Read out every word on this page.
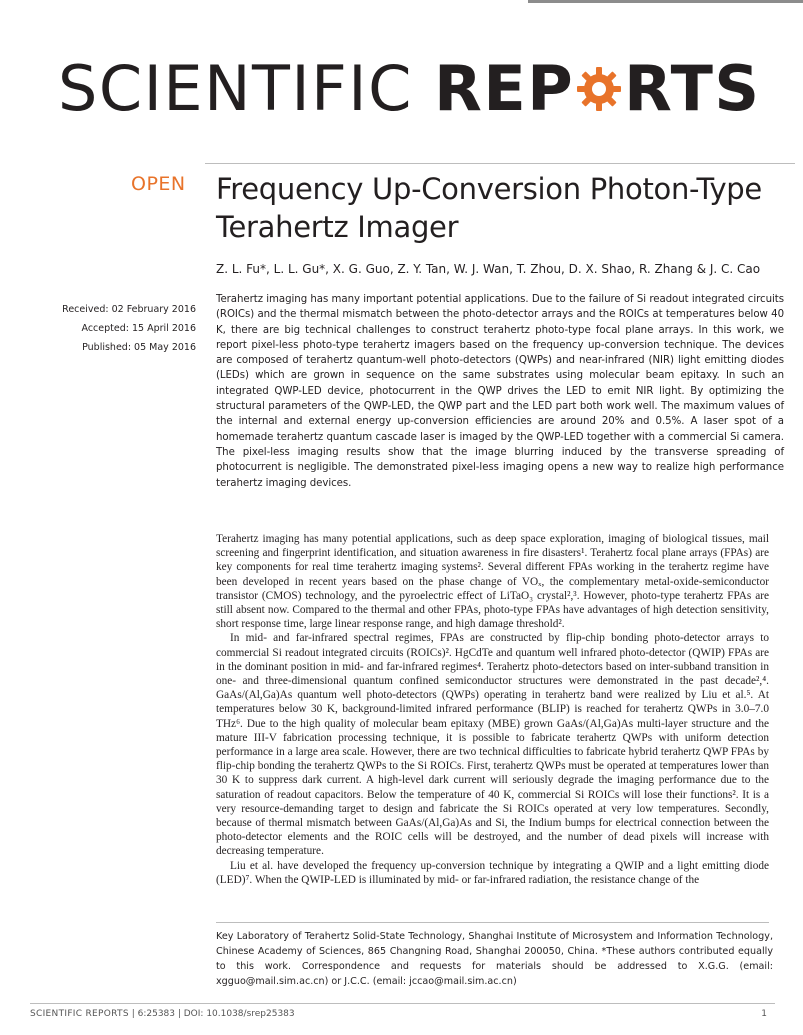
SCIENTIFIC REP RTS
OPEN Frequency Up-Conversion Photon-Type Terahertz Imager
Z. L. Fu*, L. L. Gu*, X. G. Guo, Z. Y. Tan, W. J. Wan, T. Zhou, D. X. Shao, R. Zhang & J. C. Cao
Received: 02 February 2016
Accepted: 15 April 2016
Published: 05 May 2016
Terahertz imaging has many important potential applications. Due to the failure of Si readout integrated circuits (ROICs) and the thermal mismatch between the photo-detector arrays and the ROICs at temperatures below 40 K, there are big technical challenges to construct terahertz photo-type focal plane arrays. In this work, we report pixel-less photo-type terahertz imagers based on the frequency up-conversion technique. The devices are composed of terahertz quantum-well photo-detectors (QWPs) and near-infrared (NIR) light emitting diodes (LEDs) which are grown in sequence on the same substrates using molecular beam epitaxy. In such an integrated QWP-LED device, photocurrent in the QWP drives the LED to emit NIR light. By optimizing the structural parameters of the QWP-LED, the QWP part and the LED part both work well. The maximum values of the internal and external energy up-conversion efficiencies are around 20% and 0.5%. A laser spot of a homemade terahertz quantum cascade laser is imaged by the QWP-LED together with a commercial Si camera. The pixel-less imaging results show that the image blurring induced by the transverse spreading of photocurrent is negligible. The demonstrated pixel-less imaging opens a new way to realize high performance terahertz imaging devices.

Terahertz imaging has many potential applications, such as deep space exploration, imaging of biological tissues, mail screening and fingerprint identification, and situation awareness in fire disasters¹. Terahertz focal plane arrays (FPAs) are key components for real time terahertz imaging systems². Several different FPAs working in the terahertz regime have been developed in recent years based on the phase change of VOₓ, the complementary metal-oxide-semiconductor transistor (CMOS) technology, and the pyroelectric effect of LiTaO₃ crystal²,³. However, photo-type terahertz FPAs are still absent now. Compared to the thermal and other FPAs, photo-type FPAs have advantages of high detection sensitivity, short response time, large linear response range, and high damage threshold².

In mid- and far-infrared spectral regimes, FPAs are constructed by flip-chip bonding photo-detector arrays to commercial Si readout integrated circuits (ROICs)². HgCdTe and quantum well infrared photo-detector (QWIP) FPAs are in the dominant position in mid- and far-infrared regimes⁴. Terahertz photo-detectors based on inter-subband transition in one- and three-dimensional quantum confined semiconductor structures were demonstrated in the past decade²,⁴. GaAs/(Al,Ga)As quantum well photo-detectors (QWPs) operating in terahertz band were realized by Liu et al.⁵. At temperatures below 30 K, background-limited infrared performance (BLIP) is reached for terahertz QWPs in 3.0–7.0 THz⁶. Due to the high quality of molecular beam epitaxy (MBE) grown GaAs/(Al,Ga)As multi-layer structure and the mature III-V fabrication processing technique, it is possible to fabricate terahertz QWPs with uniform detection performance in a large area scale. However, there are two technical difficulties to fabricate hybrid terahertz QWP FPAs by flip-chip bonding the terahertz QWPs to the Si ROICs. First, terahertz QWPs must be operated at temperatures lower than 30 K to suppress dark current. A high-level dark current will seriously degrade the imaging performance due to the saturation of readout capacitors. Below the temperature of 40 K, commercial Si ROICs will lose their functions². It is a very resource-demanding target to design and fabricate the Si ROICs operated at very low temperatures. Secondly, because of thermal mismatch between GaAs/(Al,Ga)As and Si, the Indium bumps for electrical connection between the photo-detector elements and the ROIC cells will be destroyed, and the number of dead pixels will increase with decreasing temperature.

Liu et al. have developed the frequency up-conversion technique by integrating a QWIP and a light emitting diode (LED)⁷. When the QWIP-LED is illuminated by mid- or far-infrared radiation, the resistance change of the

Key Laboratory of Terahertz Solid-State Technology, Shanghai Institute of Microsystem and Information Technology, Chinese Academy of Sciences, 865 Changning Road, Shanghai 200050, China. *These authors contributed equally to this work. Correspondence and requests for materials should be addressed to X.G.G. (email: xgguo@mail.sim.ac.cn) or J.C.C. (email: jccao@mail.sim.ac.cn)
SCIENTIFIC REPORTS | 6:25383 | DOI: 10.1038/srep25383	1
